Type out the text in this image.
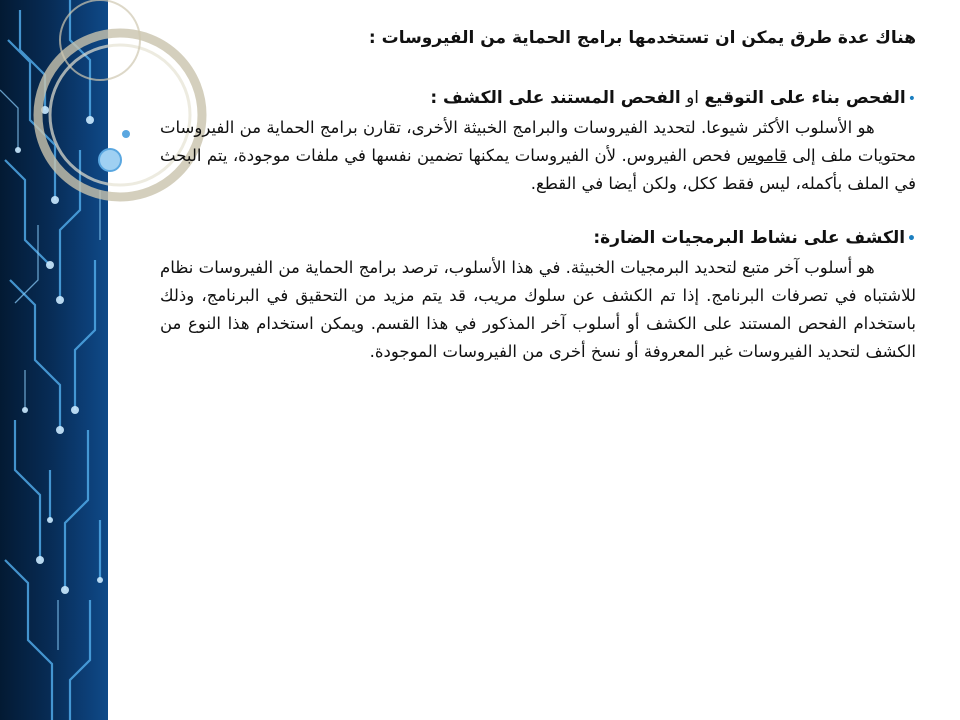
هناك عدة طرق يمكن ان تستخدمها برامج الحماية من الفيروسات :

•الفحص بناء على التوقيع او الفحص المستند على الكشف :

هو الأسلوب الأكثر شيوعا. لتحديد الفيروسات والبرامج الخبيثة الأخرى، تقارن برامج الحماية من الفيروسات محتويات ملف إلى قاموس فحص الفيروس. لأن الفيروسات يمكنها تضمين نفسها في ملفات موجودة، يتم البحث في الملف بأكمله، ليس فقط ككل، ولكن أيضا في القطع.

•الكشف على نشاط البرمجيات الضارة:

هو أسلوب آخر متبع لتحديد البرمجيات الخبيثة. في هذا الأسلوب، ترصد برامج الحماية من الفيروسات نظام للاشتباه في تصرفات البرنامج. إذا تم الكشف عن سلوك مريب، قد يتم مزيد من التحقيق في البرنامج، وذلك باستخدام الفحص المستند على الكشف أو أسلوب آخر المذكور في هذا القسم. ويمكن استخدام هذا النوع من الكشف لتحديد الفيروسات غير المعروفة أو نسخ أخرى من الفيروسات الموجودة.
